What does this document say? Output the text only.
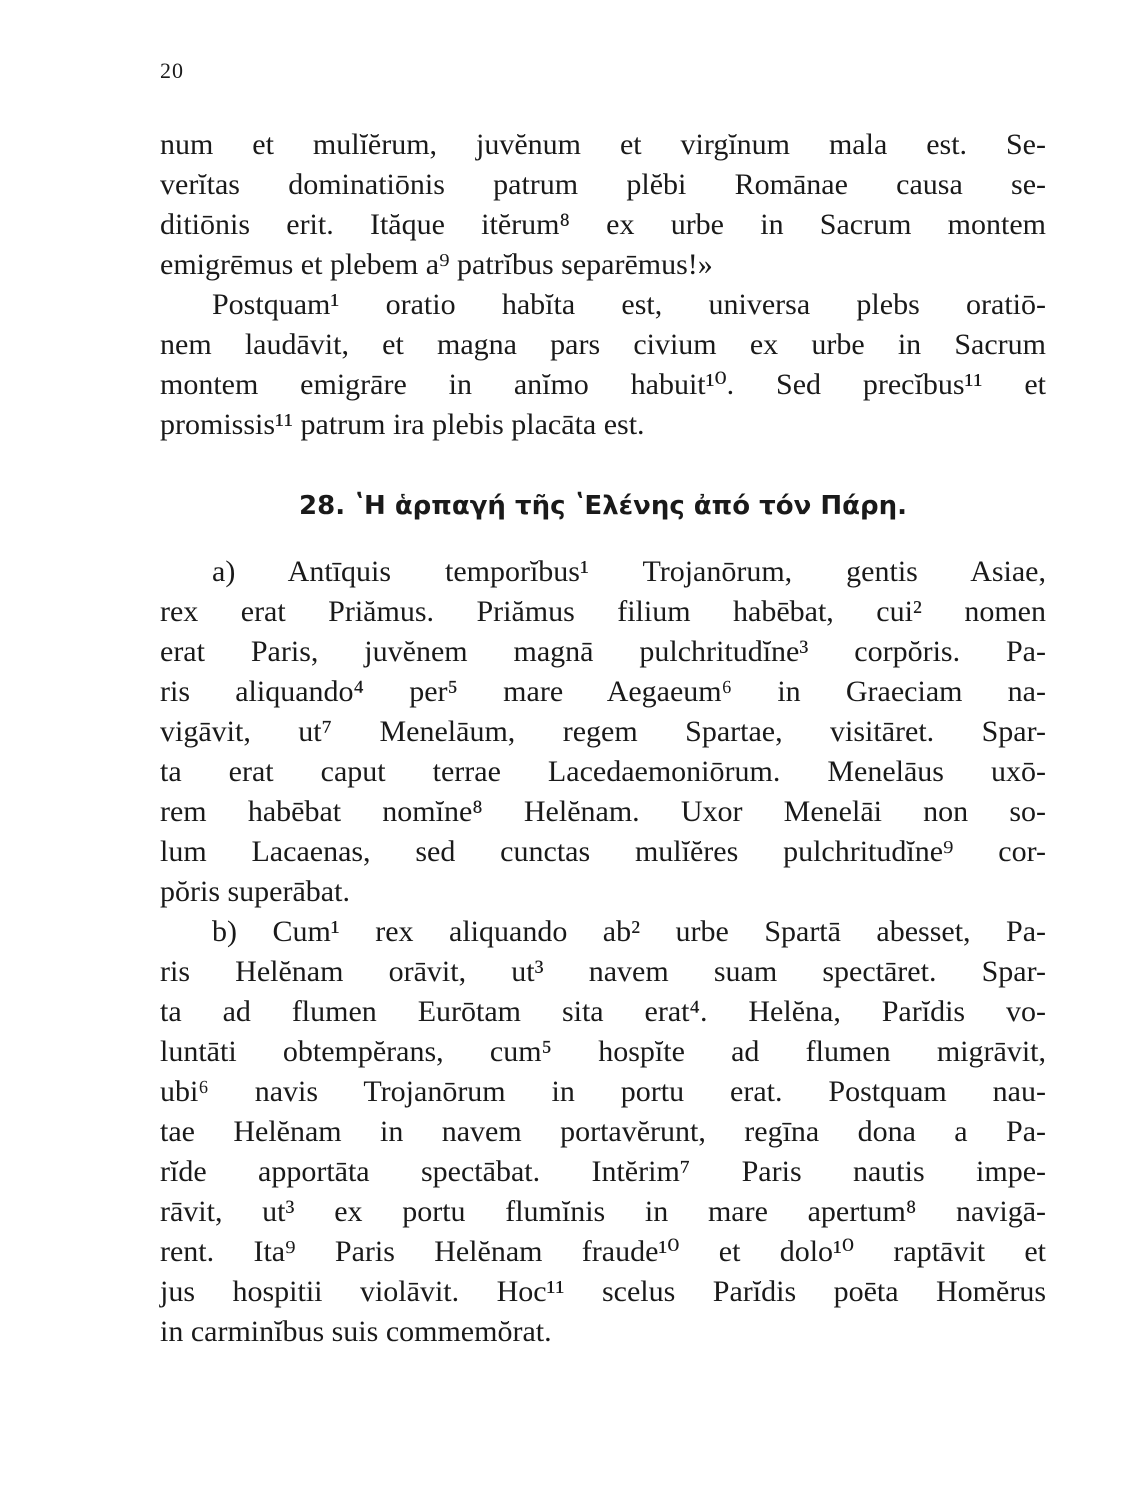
20
num et mulĭĕrum, juvĕnum et virgĭnum mala est. Se-
verĭtas dominatiōnis patrum plĕbi Romānae causa se-
ditiōnis erit. Ităque itĕrum⁸ ex urbe in Sacrum montem
emigrēmus et plebem a⁹ patrĭbus separēmus!»
Postquam¹ oratio habĭta est, universa plebs oratiō-
nem laudāvit, et magna pars civium ex urbe in Sacrum
montem emigrāre in anĭmo habuit¹⁰. Sed precĭbus¹¹ et
promissis¹¹ patrum ira plebis placāta est.
28. ʽΗ ἁρπαγή τῆς ʽΕλένης ἀπό τόν Πάρη.
a) Antīquis temporĭbus¹ Trojanōrum, gentis Asiae,
rex erat Priămus. Priămus filium habēbat, cui² nomen
erat Paris, juvĕnem magnā pulchritudĭne³ corpŏris. Pa-
ris aliquando⁴ per⁵ mare Aegaeum⁶ in Graeciam na-
vigāvit, ut⁷ Menelāum, regem Spartae, visitāret. Spar-
ta erat caput terrae Lacedaemoniōrum. Menelāus uxō-
rem habēbat nomĭne⁸ Helĕnam. Uxor Menelāi non so-
lum Lacaenas, sed cunctas mulĭĕres pulchritudĭne⁹ cor-
pŏris superābat.
b) Cum¹ rex aliquando ab² urbe Spartā abesset, Pa-
ris Helĕnam orāvit, ut³ navem suam spectāret. Spar-
ta ad flumen Eurōtam sita erat⁴. Helĕna, Parĭdis vo-
luntāti obtempĕrans, cum⁵ hospĭte ad flumen migrāvit,
ubi⁶ navis Trojanōrum in portu erat. Postquam nau-
tae Helĕnam in navem portavĕrunt, regīna dona a Pa-
rĭde apportāta spectābat. Intĕrim⁷ Paris nautis impe-
rāvit, ut³ ex portu flumĭnis in mare apertum⁸ navigā-
rent. Ita⁹ Paris Helĕnam fraude¹⁰ et dolo¹⁰ raptāvit et
jus hospitii violāvit. Hoc¹¹ scelus Parĭdis poēta Homĕrus
in carminĭbus suis commemŏrat.
